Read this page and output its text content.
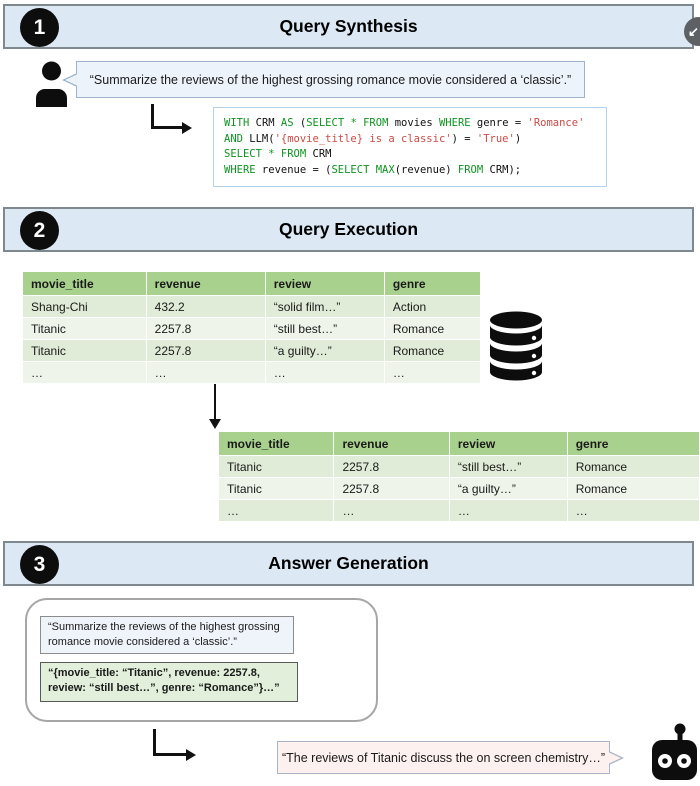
1	Query Synthesis	↙
“Summarize the reviews of the highest grossing romance movie considered a ‘classic’.”
WITH CRM AS (SELECT * FROM movies WHERE genre = 'Romance'
AND LLM('{movie_title} is a classic') = 'True')
SELECT * FROM CRM
WHERE revenue = (SELECT MAX(revenue) FROM CRM);
2	Query Execution
movie_title	revenue	review	genre
Shang-Chi	432.2	“solid film…”	Action
Titanic	2257.8	“still best…”	Romance
Titanic	2257.8	“a guilty…”	Romance
…	…	…	…
movie_title	revenue	review	genre
Titanic	2257.8	“still best…”	Romance
Titanic	2257.8	“a guilty…”	Romance
…	…	…	…
3	Answer Generation
“Summarize the reviews of the highest grossing romance movie considered a ‘classic’.”
“{movie_title: “Titanic”, revenue: 2257.8, review: “still best…”, genre: “Romance”}…”
“The reviews of Titanic discuss the on screen chemistry…”
